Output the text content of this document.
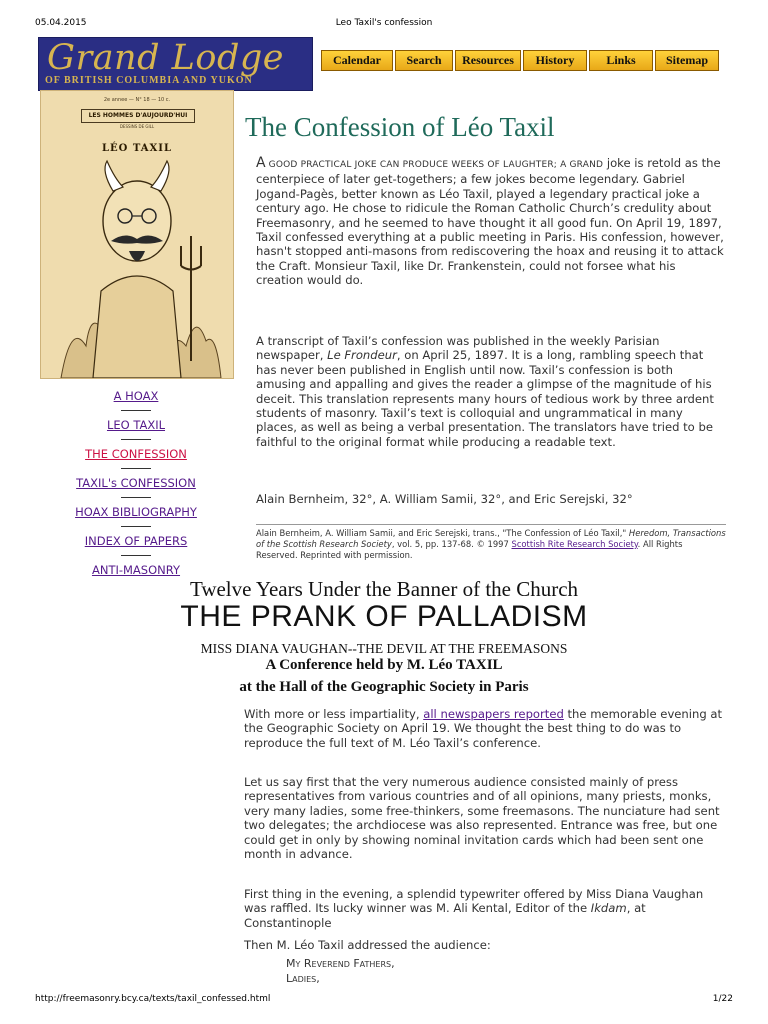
05.04.2015	Leo Taxil's confession
Grand Lodge
OF BRITISH COLUMBIA AND YUKON
Calendar	Search	Resources	History	Links	Sitemap
2e annee — N° 18 — 10 c.
LES HOMMES D'AUJOURD'HUI
DESSINS DE GILL
LÉO TAXIL
A HOAX
LEO TAXIL
THE CONFESSION
TAXIL's CONFESSION
HOAX BIBLIOGRAPHY
INDEX OF PAPERS
ANTI-MASONRY
The Confession of Léo Taxil
A GOOD PRACTICAL JOKE CAN PRODUCE WEEKS OF LAUGHTER; A GRAND joke is retold as the centerpiece of later get-togethers; a few jokes become legendary. Gabriel Jogand-Pagès, better known as Léo Taxil, played a legendary practical joke a century ago. He chose to ridicule the Roman Catholic Church’s credulity about Freemasonry, and he seemed to have thought it all good fun. On April 19, 1897, Taxil confessed everything at a public meeting in Paris. His confession, however, hasn't stopped anti-masons from rediscovering the hoax and reusing it to attack the Craft. Monsieur Taxil, like Dr. Frankenstein, could not forsee what his creation would do.
A transcript of Taxil’s confession was published in the weekly Parisian newspaper, Le Frondeur, on April 25, 1897. It is a long, rambling speech that has never been published in English until now. Taxil’s confession is both amusing and appalling and gives the reader a glimpse of the magnitude of his deceit. This translation represents many hours of tedious work by three ardent students of masonry. Taxil’s text is colloquial and ungrammatical in many places, as well as being a verbal presentation. The translators have tried to be faithful to the original format while producing a readable text.
Alain Bernheim, 32°, A. William Samii, 32°, and Eric Serejski, 32°
Alain Bernheim, A. William Samii, and Eric Serejski, trans., "The Confession of Léo Taxil," Heredom, Transactions of the Scottish Research Society, vol. 5, pp. 137-68. © 1997 Scottish Rite Research Society. All Rights Reserved. Reprinted with permission.
Twelve Years Under the Banner of the Church
THE PRANK OF PALLADISM
MISS DIANA VAUGHAN--THE DEVIL AT THE FREEMASONS
A Conference held by M. Léo TAXIL
at the Hall of the Geographic Society in Paris
With more or less impartiality, all newspapers reported the memorable evening at the Geographic Society on April 19. We thought the best thing to do was to reproduce the full text of M. Léo Taxil’s conference.
Let us say first that the very numerous audience consisted mainly of press representatives from various countries and of all opinions, many priests, monks, very many ladies, some free-thinkers, some freemasons. The nunciature had sent two delegates; the archdiocese was also represented. Entrance was free, but one could get in only by showing nominal invitation cards which had been sent one month in advance.
First thing in the evening, a splendid typewriter offered by Miss Diana Vaughan was raffled. Its lucky winner was M. Ali Kental, Editor of the Ikdam, at Constantinople
Then M. Léo Taxil addressed the audience:
My Reverend Fathers,
Ladies,
http://freemasonry.bcy.ca/texts/taxil_confessed.html	1/22
